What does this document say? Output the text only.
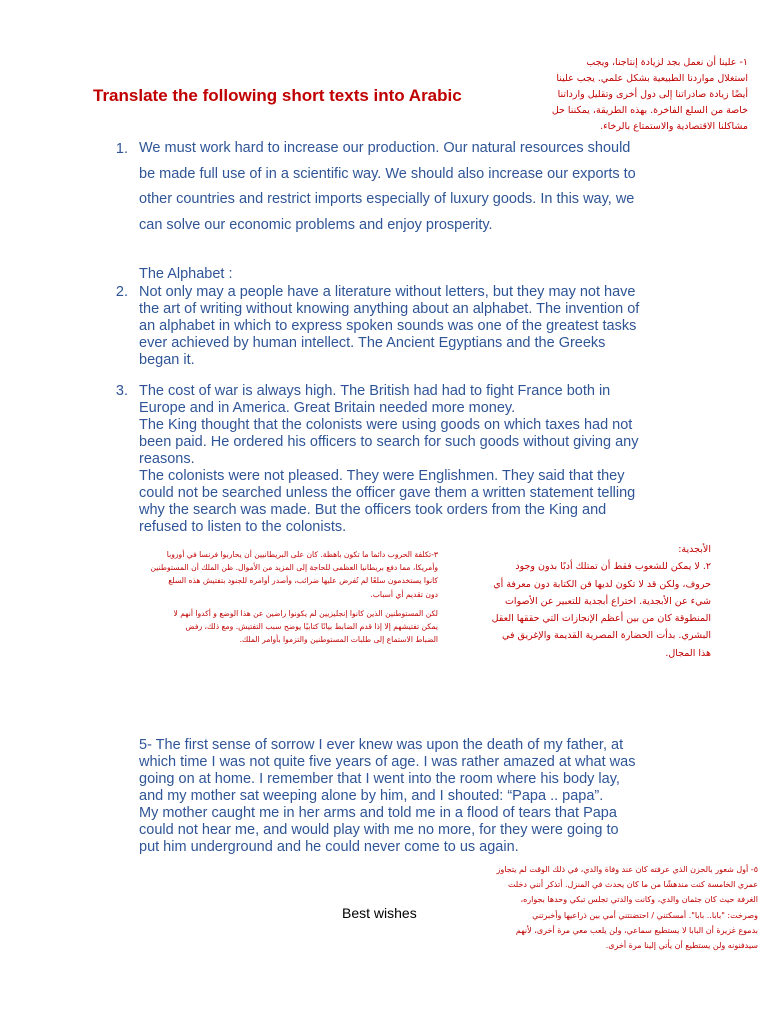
Translate the following short texts into Arabic
1. We must work hard to increase our production. Our natural resources should
be made full use of in a scientific way. We should also increase our exports to
other countries and restrict imports especially of luxury goods. In this way, we
can solve our economic problems and enjoy prosperity.
The Alphabet :
2. Not only may a people have a literature without letters, but they may not have
the art of writing without knowing anything about an alphabet. The invention of
an alphabet in which to express spoken sounds was one of the greatest tasks
ever achieved by human intellect. The Ancient Egyptians and the Greeks
began it.
3. The cost of war is always high. The British had had to fight France both in
Europe and in America. Great Britain needed more money.
The King thought that the colonists were using goods on which taxes had not
been paid. He ordered his officers to search for such goods without giving any
reasons.
The colonists were not pleased. They were Englishmen. They said that they
could not be searched unless the officer gave them a written statement telling
why the search was made. But the officers took orders from the King and
refused to listen to the colonists.
5- The first sense of sorrow I ever knew was upon the death of my father, at
which time I was not quite five years of age. I was rather amazed at what was
going on at home. I remember that I went into the room where his body lay,
and my mother sat weeping alone by him, and I shouted: “Papa .. papa”.
My mother caught me in her arms and told me in a flood of tears that Papa
could not hear me, and would play with me no more, for they were going to
put him underground and he could never come to us again.
١- علينا أن نعمل بجد لزيادة إنتاجنا، ويجب
استغلال مواردنا الطبيعية بشكل علمي. يجب علينا
أيضًا زيادة صادراتنا إلى دول أخرى وتقليل وارداتنا
خاصة من السلع الفاخرة. بهذه الطريقة، يمكننا حل
مشاكلنا الاقتصادية والاستمتاع بالرخاء.
الأبجدية:
٢. لا يمكن للشعوب فقط أن تمتلك أدبًا بدون وجود
حروف، ولكن قد لا تكون لديها فن الكتابة دون معرفة أي
شيء عن الأبجدية. اختراع أبجدية للتعبير عن الأصوات
المنطوقة كان من بين أعظم الإنجازات التي حققها العقل
البشري. بدأت الحضارة المصرية القديمة والإغريق في
هذا المجال.
٣-تكلفة الحروب دائما ما تكون باهظة. كان على البريطانيين أن يحاربوا فرنسا في أوروبا
وأمريكا، مما دفع بريطانيا العظمى للحاجة إلى المزيد من الأموال. ظن الملك أن المستوطنين
كانوا يستخدمون سلعًا لم تُفرض عليها ضرائب، وأصدر أوامره للجنود بتفتيش هذه السلع
دون تقديم أي أسباب.
لكن المستوطنين الذين كانوا إنجليزيين لم يكونوا راضين عن هذا الوضع و أكدوا أنهم لا
يمكن تفتيشهم إلا إذا قدم الضابط بيانًا كتابيًا يوضح سبب التفتيش. ومع ذلك، رفض
الضباط الاستماع إلى طلبات المستوطنين والتزموا بأوامر الملك.
Best wishes
٥- أول شعور بالحزن الذي عرفته كان عند وفاة والدي، في ذلك الوقت لم يتجاوز
عمري الخامسة كنت مندهشًا من ما كان يحدث في المنزل. أتذكر أنني دخلت
الغرفة حيث كان جثمان والدي، وكانت والدتي تجلس تبكي وحدها بجواره،
وصرخت: "بابا.. بابا". أمسكتني / احتضنتني أمي بين ذراعيها وأخبرتني
بدموع غزيرة أن البابا لا يستطيع سماعي، ولن يلعب معي مرة أخرى، لأنهم
سيدفنونه ولن يستطيع أن يأتي إلينا مرة أخرى.
